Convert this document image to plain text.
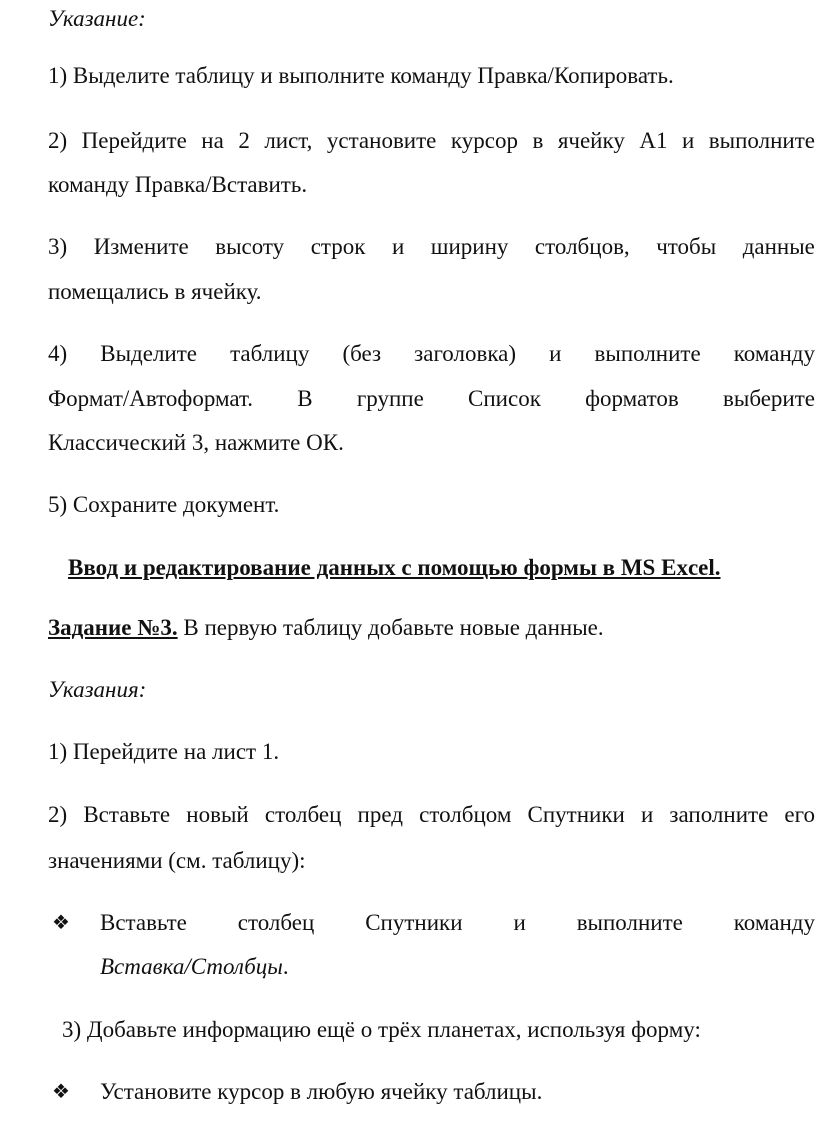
Указание:
1) Выделите таблицу и выполните команду Правка/Копировать.
2) Перейдите на 2 лист, установите курсор в ячейку А1 и выполните
команду Правка/Вставить.
3) Измените высоту строк и ширину столбцов, чтобы данные
помещались в ячейку.
4) Выделите таблицу (без заголовка) и выполните команду
Формат/Автоформат. В группе Список форматов выберите
Классический 3, нажмите ОК.
5) Сохраните документ.
Ввод и редактирование данных с помощью формы в MS Excel.
Задание №3. В первую таблицу добавьте новые данные.
Указания:
1) Перейдите на лист 1.
2) Вставьте новый столбец пред столбцом Спутники и заполните его
значениями (см. таблицу):
❖ Вставьте столбец Спутники и выполните команду
Вставка/Столбцы.
3) Добавьте информацию ещё о трёх планетах, используя форму:
❖ Установите курсор в любую ячейку таблицы.
